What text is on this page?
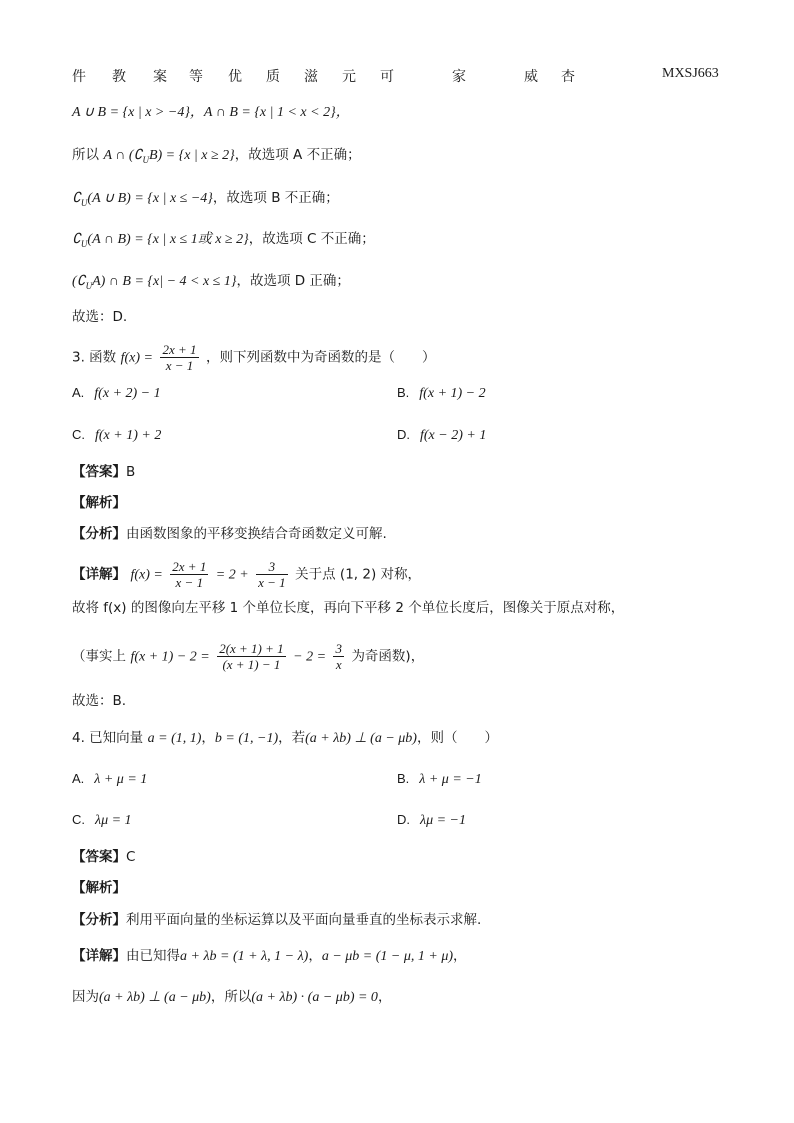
件 教 案 等 优 质 滋 元 可	家	威 杏	MXSJ663
A ∪ B = {x | x > −4}，A ∩ B = {x | 1 < x < 2}，
所以 A ∩ $(∁_UB) = \{x$ | x ≥ 2}，故选项 A 不正确；
$∁_U(A$ ∪ B) = {x | x ≤ −4}，故选项 B 不正确；
$∁_U(A$ ∩ B) = {x | x ≤ 1或 x ≥ 2}，故选项 C 不正确；
$(∁_UA)$ ∩ B = {x| − 4 < x ≤ 1}，故选项 D 正确；
故选：D.
3. 函数 $f(x) = \frac{2x + 1}{x - 1}$ ，则下列函数中为奇函数的是（　　）
A. f(x + 2) − 1	B. f(x + 1) − 2
C. f(x + 1) + 2	D. f(x − 2) + 1
【答案】B
【解析】
【分析】由函数图象的平移变换结合奇函数定义可解.
【详解】 $f(x) = \frac{2x + 1}{x - 1} = 2 + \frac{3}{x - 1}$ 关于点 (1, 2) 对称，
故将 f(x) 的图像向左平移 1 个单位长度，再向下平移 2 个单位长度后，图像关于原点对称，
（事实上 $f(x + 1) - 2 = \frac{2(x + 1) + 1}{(x + 1) - 1} - 2 = \frac{3}{x}$ 为奇函数)，
故选：B.
4. 已知向量 a = (1, 1)，b = (1, −1)，若(a + λb) ⊥ (a − μb)，则（　　）
A. λ + μ = 1	B. λ + μ = −1
C. λμ = 1	D. λμ = −1
【答案】C
【解析】
【分析】利用平面向量的坐标运算以及平面向量垂直的坐标表示求解.
【详解】由已知得a + λb = (1 + λ, 1 − λ)，a − μb = (1 − μ, 1 + μ)，
因为(a + λb) ⊥ (a − μb)，所以(a + λb) · (a − μb) = 0，
